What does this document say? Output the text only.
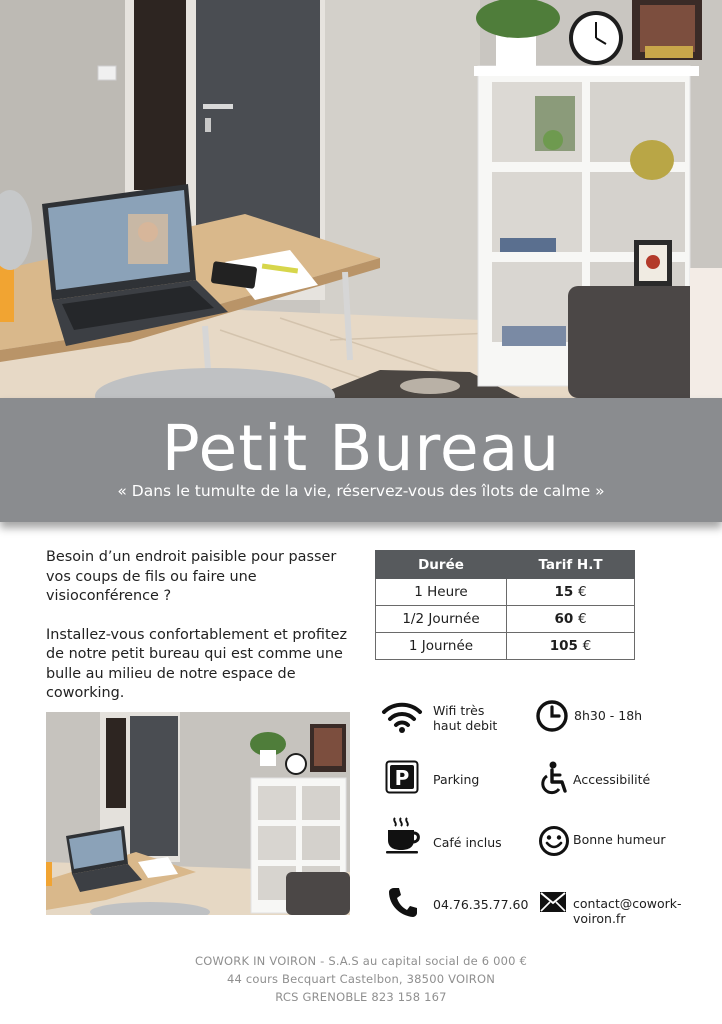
Petit Bureau
« Dans le tumulte de la vie, réservez-vous des îlots de calme »

Besoin d’un endroit paisible pour passer vos coups de fils ou faire une visioconférence ?

Installez-vous confortablement et profitez de notre petit bureau qui est comme une bulle au milieu de notre espace de coworking.

Durée	Tarif H.T
1 Heure	15 €
1/2 Journée	60 €
1 Journée	105 €
Wifi très haut debit
8h30 - 18h
P Parking	Accessibilité
Café inclus	Bonne humeur
04.76.35.77.60	contact@cowork-voiron.fr
COWORK IN VOIRON - S.A.S au capital social de 6 000 €
44 cours Becquart Castelbon, 38500 VOIRON
RCS GRENOBLE 823 158 167
